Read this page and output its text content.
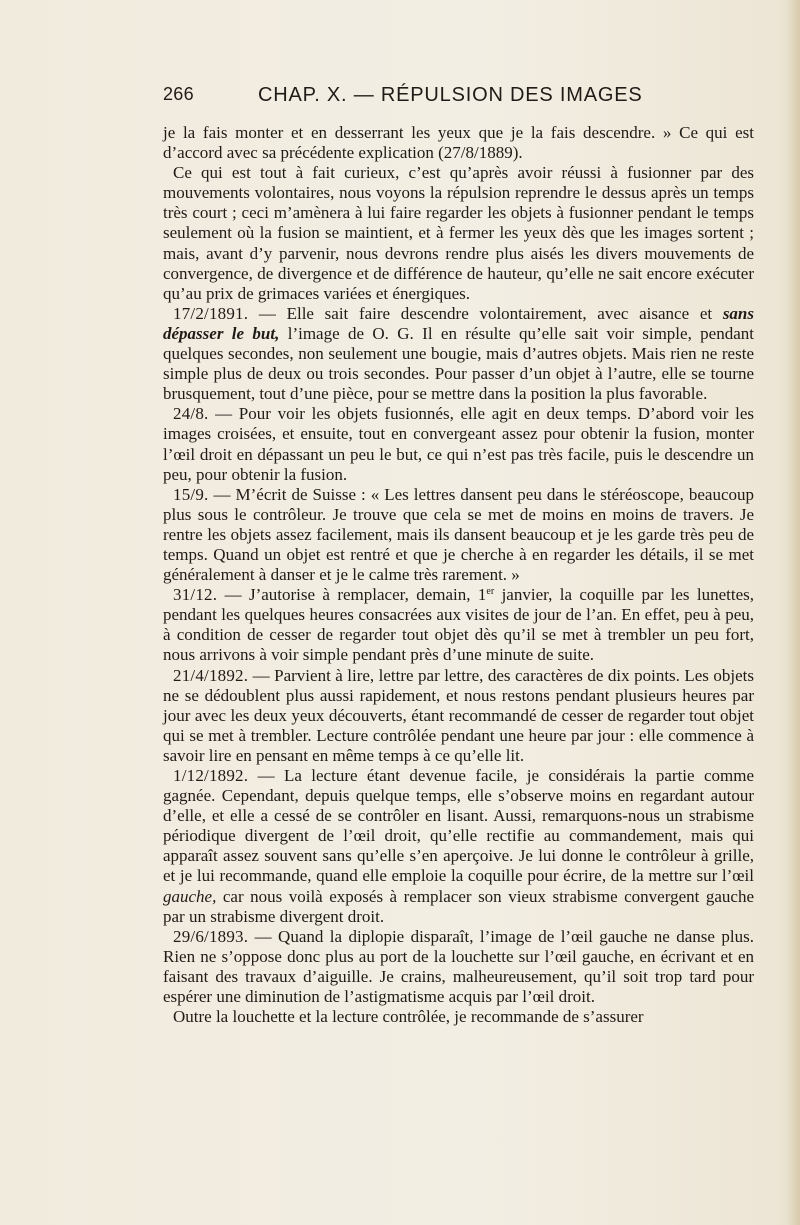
266	CHAP. X. — RÉPULSION DES IMAGES

je la fais monter et en desserrant les yeux que je la fais descendre. » Ce qui est d’accord avec sa précédente explication (27/8/1889).

Ce qui est tout à fait curieux, c’est qu’après avoir réussi à fusionner par des mouvements volontaires, nous voyons la répulsion reprendre le dessus après un temps très court ; ceci m’amènera à lui faire regarder les objets à fusionner pendant le temps seulement où la fusion se maintient, et à fermer les yeux dès que les images sortent ; mais, avant d’y parvenir, nous devrons rendre plus aisés les divers mouvements de convergence, de divergence et de différence de hauteur, qu’elle ne sait encore exécuter qu’au prix de grimaces variées et énergiques.

17/2/1891. — Elle sait faire descendre volontairement, avec aisance et sans dépasser le but, l’image de O. G. Il en résulte qu’elle sait voir simple, pendant quelques secondes, non seulement une bougie, mais d’autres objets. Mais rien ne reste simple plus de deux ou trois secondes. Pour passer d’un objet à l’autre, elle se tourne brusquement, tout d’une pièce, pour se mettre dans la position la plus favorable.

24/8. — Pour voir les objets fusionnés, elle agit en deux temps. D’abord voir les images croisées, et ensuite, tout en convergeant assez pour obtenir la fusion, monter l’œil droit en dépassant un peu le but, ce qui n’est pas très facile, puis le descendre un peu, pour obtenir la fusion.

15/9. — M’écrit de Suisse : « Les lettres dansent peu dans le stéréoscope, beaucoup plus sous le contrôleur. Je trouve que cela se met de moins en moins de travers. Je rentre les objets assez facilement, mais ils dansent beaucoup et je les garde très peu de temps. Quand un objet est rentré et que je cherche à en regarder les détails, il se met généralement à danser et je le calme très rarement. »

31/12. — J’autorise à remplacer, demain, 1er janvier, la coquille par les lunettes, pendant les quelques heures consacrées aux visites de jour de l’an. En effet, peu à peu, à condition de cesser de regarder tout objet dès qu’il se met à trembler un peu fort, nous arrivons à voir simple pendant près d’une minute de suite.

21/4/1892. — Parvient à lire, lettre par lettre, des caractères de dix points. Les objets ne se dédoublent plus aussi rapidement, et nous restons pendant plusieurs heures par jour avec les deux yeux découverts, étant recommandé de cesser de regarder tout objet qui se met à trembler. Lecture contrôlée pendant une heure par jour : elle commence à savoir lire en pensant en même temps à ce qu’elle lit.

1/12/1892. — La lecture étant devenue facile, je considérais la partie comme gagnée. Cependant, depuis quelque temps, elle s’observe moins en regardant autour d’elle, et elle a cessé de se contrôler en lisant. Aussi, remarquons-nous un strabisme périodique divergent de l’œil droit, qu’elle rectifie au commandement, mais qui apparaît assez souvent sans qu’elle s’en aperçoive. Je lui donne le contrôleur à grille, et je lui recommande, quand elle emploie la coquille pour écrire, de la mettre sur l’œil gauche, car nous voilà exposés à remplacer son vieux strabisme convergent gauche par un strabisme divergent droit.

29/6/1893. — Quand la diplopie disparaît, l’image de l’œil gauche ne danse plus. Rien ne s’oppose donc plus au port de la louchette sur l’œil gauche, en écrivant et en faisant des travaux d’aiguille. Je crains, malheureusement, qu’il soit trop tard pour espérer une diminution de l’astigmatisme acquis par l’œil droit.

Outre la louchette et la lecture contrôlée, je recommande de s’assurer
